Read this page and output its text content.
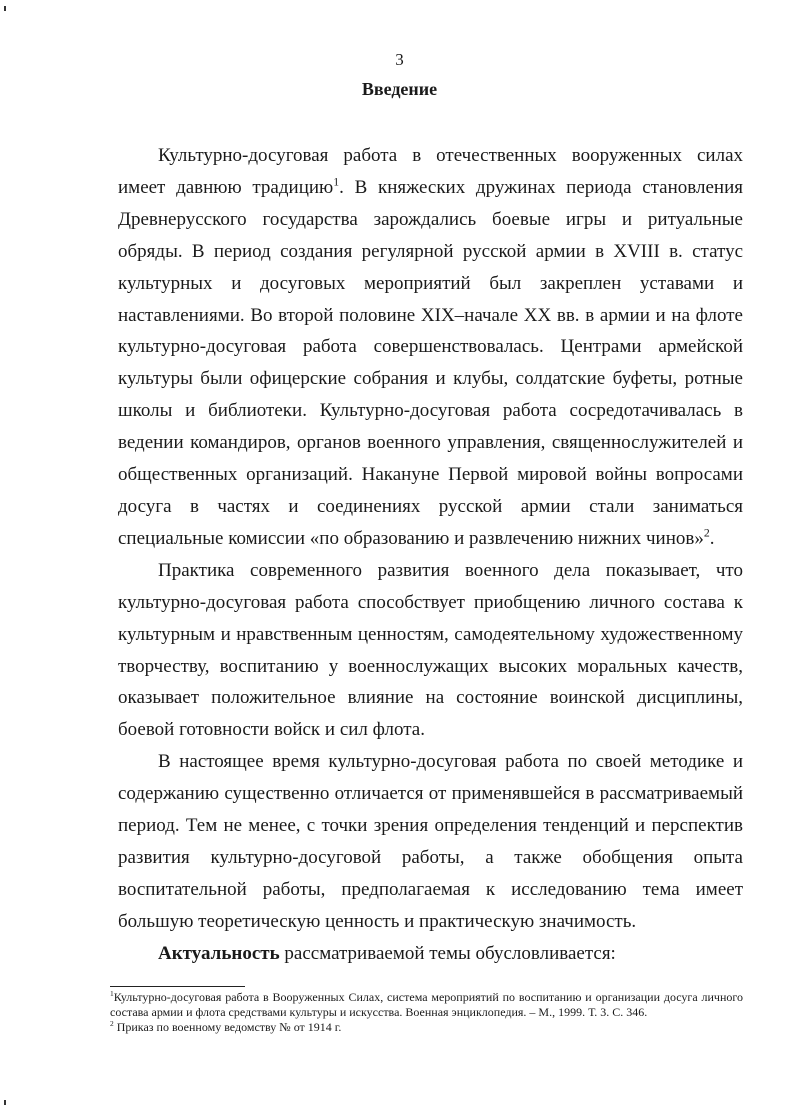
3
Введение

Культурно-досуговая работа в отечественных вооруженных силах имеет давнюю традицию$^1$. В княжеских дружинах периода становления Древнерусского государства зарождались боевые игры и ритуальные обряды. В период создания регулярной русской армии в XVIII в. статус культурных и досуговых мероприятий был закреплен уставами и наставлениями. Во второй половине XIX–начале XX вв. в армии и на флоте культурно-досуговая работа совершенствовалась. Центрами армейской культуры были офицерские собрания и клубы, солдатские буфеты, ротные школы и библиотеки. Культурно-досуговая работа сосредотачивалась в ведении командиров, органов военного управления, священнослужителей и общественных организаций. Накануне Первой мировой войны вопросами досуга в частях и соединениях русской армии стали заниматься специальные комиссии «по образованию и развлечению нижних чинов»$^2$.

Практика современного развития военного дела показывает, что культурно-досуговая работа способствует приобщению личного состава к культурным и нравственным ценностям, самодеятельному художественному творчеству, воспитанию у военнослужащих высоких моральных качеств, оказывает положительное влияние на состояние воинской дисциплины, боевой готовности войск и сил флота.

В настоящее время культурно-досуговая работа по своей методике и содержанию существенно отличается от применявшейся в рассматриваемый период. Тем не менее, с точки зрения определения тенденций и перспектив развития культурно-досуговой работы, а также обобщения опыта воспитательной работы, предполагаемая к исследованию тема имеет большую теоретическую ценность и практическую значимость.

Актуальность рассматриваемой темы обусловливается:

$^1$Культурно-досуговая работа в Вооруженных Силах, система мероприятий по воспитанию и организации досуга личного состава армии и флота средствами культуры и искусства. Военная энциклопедия. – М., 1999. Т. 3. С. 346.

$^2$ Приказ по военному ведомству № от 1914 г.
